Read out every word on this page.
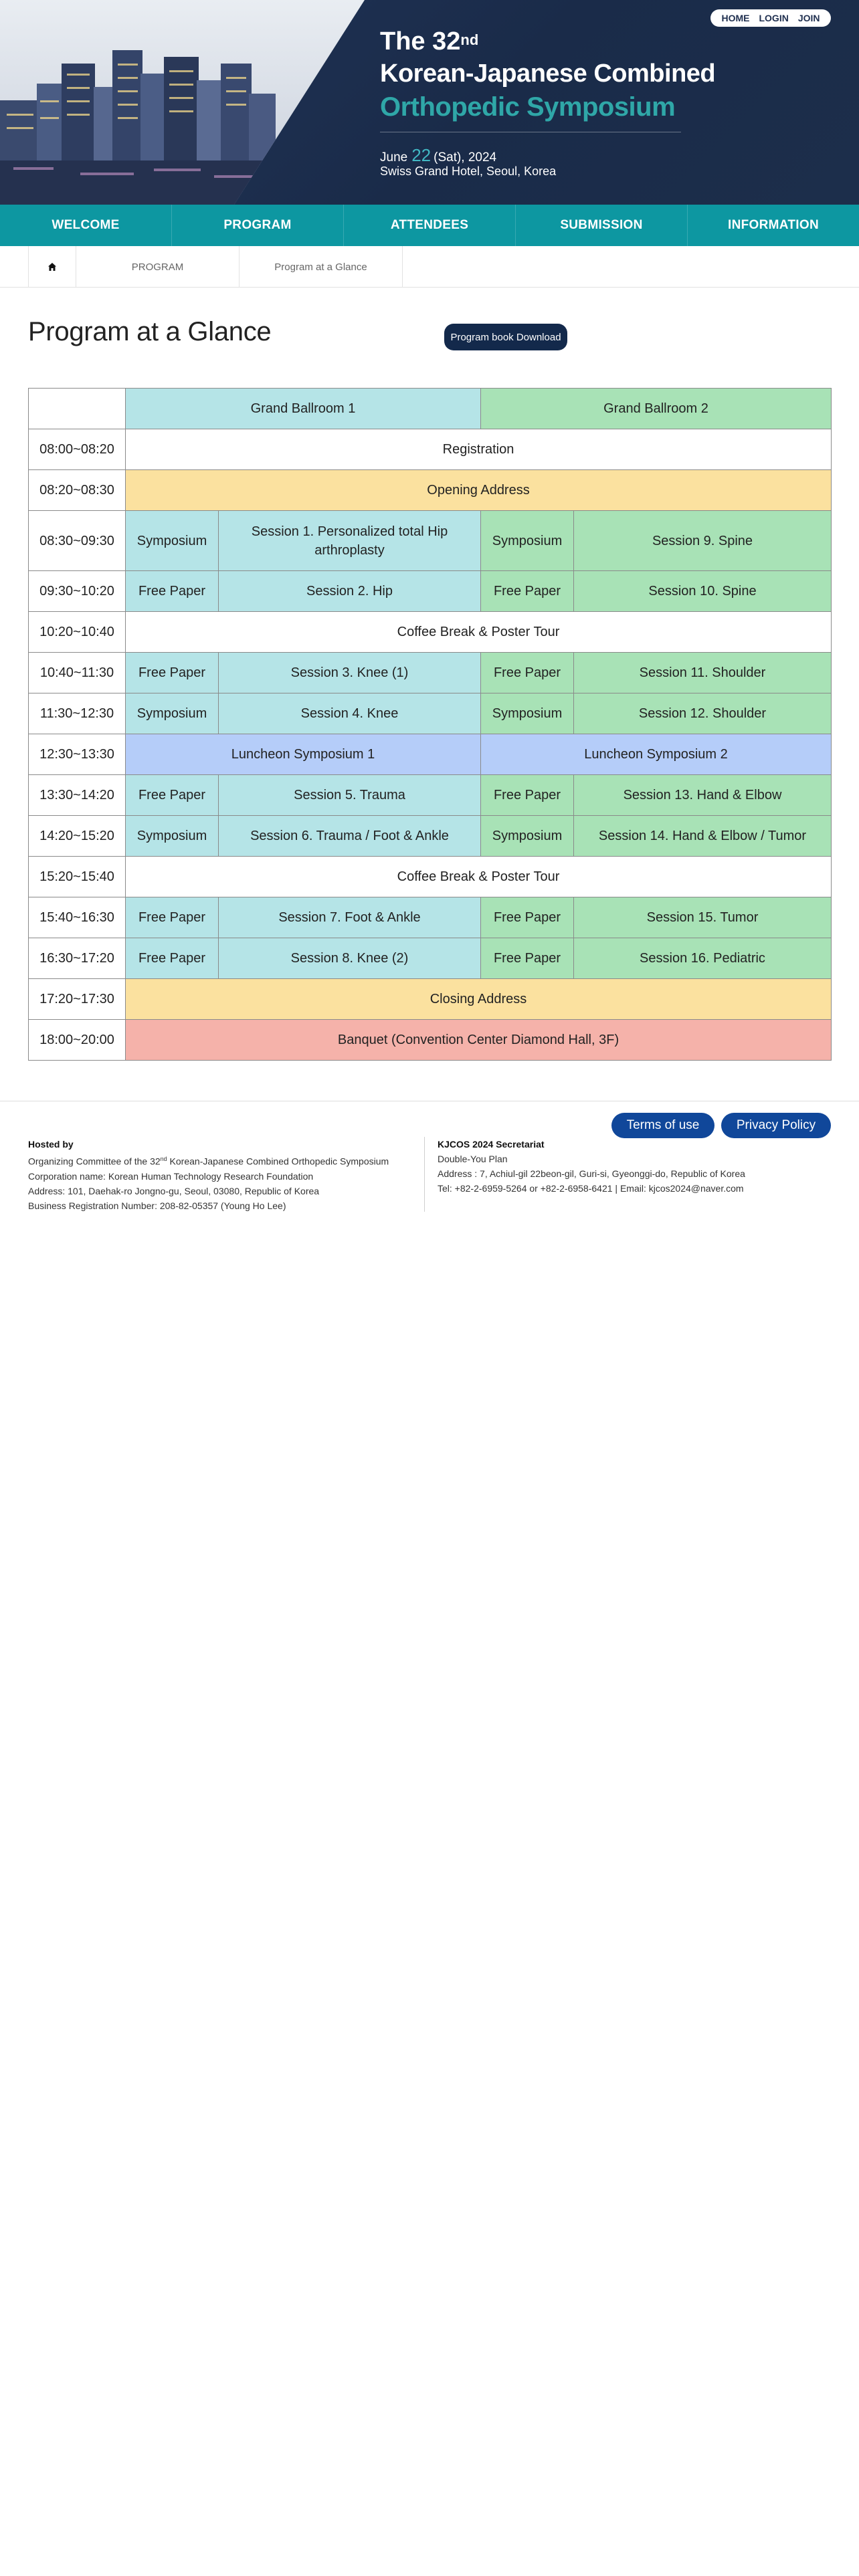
The 32nd
Korean-Japanese Combined
Orthopedic Symposium
June 22 (Sat), 2024
Swiss Grand Hotel, Seoul, Korea
HOME LOGIN JOIN
WELCOME	PROGRAM	ATTENDEES	SUBMISSION	INFORMATION
PROGRAM	Program at a Glance
Program at a Glance	Program book Download
	Grand Ballroom 1		Grand Ballroom 2	
08:00~08:20	Registration			
08:20~08:30	Opening Address			
08:30~09:30	Symposium	Session 1. Personalized total Hip arthroplasty	Symposium	Session 9. Spine
09:30~10:20	Free Paper	Session 2. Hip	Free Paper	Session 10. Spine
10:20~10:40	Coffee Break & Poster Tour			
10:40~11:30	Free Paper	Session 3. Knee (1)	Free Paper	Session 11. Shoulder
11:30~12:30	Symposium	Session 4. Knee	Symposium	Session 12. Shoulder
12:30~13:30	Luncheon Symposium 1		Luncheon Symposium 2	
13:30~14:20	Free Paper	Session 5. Trauma	Free Paper	Session 13. Hand & Elbow
14:20~15:20	Symposium	Session 6. Trauma / Foot & Ankle	Symposium	Session 14. Hand & Elbow / Tumor
15:20~15:40	Coffee Break & Poster Tour			
15:40~16:30	Free Paper	Session 7. Foot & Ankle	Free Paper	Session 15. Tumor
16:30~17:20	Free Paper	Session 8. Knee (2)	Free Paper	Session 16. Pediatric
17:20~17:30	Closing Address			
18:00~20:00	Banquet (Convention Center Diamond Hall, 3F)			
Terms of use	Privacy Policy
Hosted by
Organizing Committee of the 32nd Korean-Japanese Combined Orthopedic Symposium
Corporation name: Korean Human Technology Research Foundation
Address: 101, Daehak-ro Jongno-gu, Seoul, 03080, Republic of Korea
Business Registration Number: 208-82-05357 (Young Ho Lee)
KJCOS 2024 Secretariat
Double-You Plan
Address : 7, Achiul-gil 22beon-gil, Guri-si, Gyeonggi-do, Republic of Korea
Tel: +82-2-6959-5264 or +82-2-6958-6421 | Email: kjcos2024@naver.com
